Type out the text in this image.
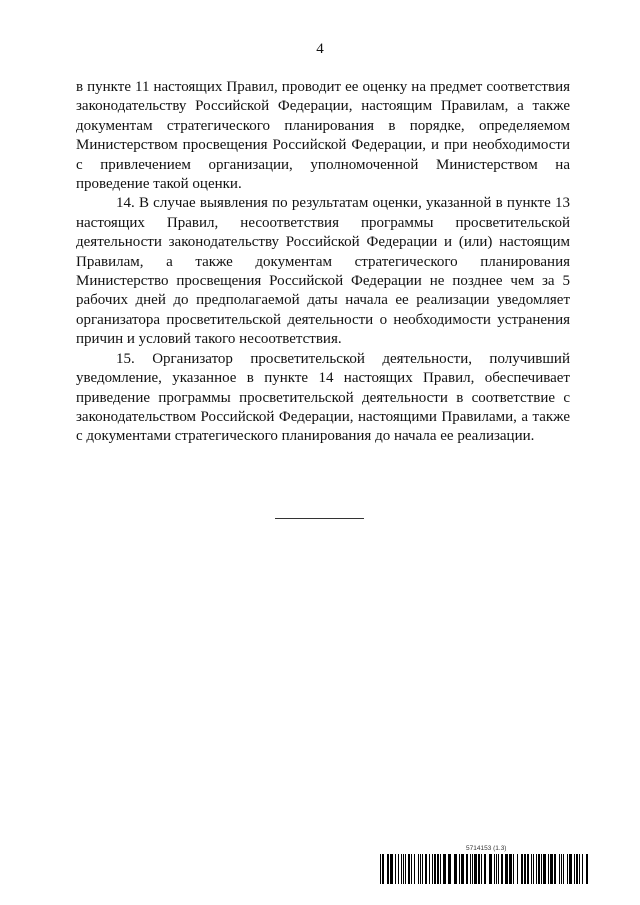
4

в пункте 11 настоящих Правил, проводит ее оценку на предмет соответствия законодательству Российской Федерации, настоящим Правилам, а также документам стратегического планирования в порядке, определяемом Министерством просвещения Российской Федерации, и при необходимости с привлечением организации, уполномоченной Министерством на проведение такой оценки.

14. В случае выявления по результатам оценки, указанной в пункте 13 настоящих Правил, несоответствия программы просветительской деятельности законодательству Российской Федерации и (или) настоящим Правилам, а также документам стратегического планирования Министерство просвещения Российской Федерации не позднее чем за 5 рабочих дней до предполагаемой даты начала ее реализации уведомляет организатора просветительской деятельности о необходимости устранения причин и условий такого несоответствия.

15. Организатор просветительской деятельности, получивший уведомление, указанное в пункте 14 настоящих Правил, обеспечивает приведение программы просветительской деятельности в соответствие с законодательством Российской Федерации, настоящими Правилами, а также с документами стратегического планирования до начала ее реализации.

5714153 (1.3)
